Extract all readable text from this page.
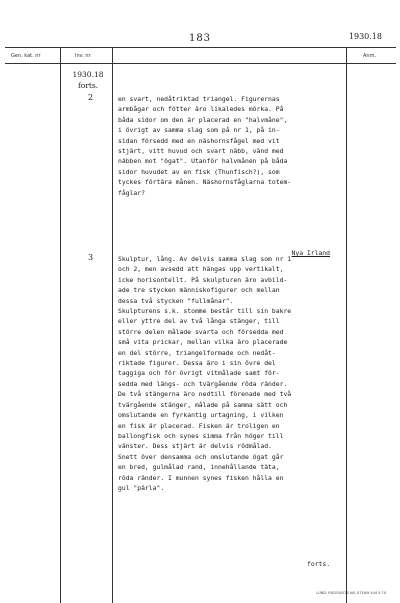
183	1930.18
Gen. kat. nr	Inv. nr	Anm.
1930.18
forts.
2	en svart, nedåtriktad triangel. Figurernas
armbågar och fötter äro likaledes mörka. På
båda sidor om den är placerad en "halvmåne",
i övrigt av samma slag som på nr 1, på in-
sidan försedd med en näshornsfågel med vit
stjärt, vitt huvud och svart näbb, vänd med
näbben mot "ögat". Utanför halvmånen på båda
sidor huvudet av en fisk (Thunfisch?), som
tyckes förtära månen. Näshornsfåglarna totem-
fåglar?
Nya Irland
3	Skulptur, lång. Av delvis samma slag som nr 1
och 2, men avsedd att hängas upp vertikalt,
icke horisontellt. På skulpturen äro avbild-
ade tre stycken människofigurer och mellan
dessa två stycken "fullmånar".
Skulpturens s.k. stomme består till sin bakre
eller yttre del av två långa stänger, till
större delen målade svarta och försedda med
små vita prickar, mellan vilka äro placerade
en del större, triangelformade och nedåt-
riktade figurer. Dessa äro i sin övre del
taggiga och för övrigt vitmålade samt för-
sedda med längs- och tvärgående röda ränder.
De två stängerna äro nedtill förenade med två
tvärgående stänger, målade på samma sätt och
omslutande en fyrkantig urtagning, i vilken
en fisk är placerad. Fisken är troligen en
ballongfisk och synes simma från höger till
vänster. Dess stjärt är delvis rödmålad.
Snett över densamma och omslutande ögat går
en bred, gulmålad rand, innehållande täta,
röda ränder. I munnen synes fisken hålla en
gul "pärla".
forts.
LUND. RUDGUISTS AB. 0716/9 444 9 70
